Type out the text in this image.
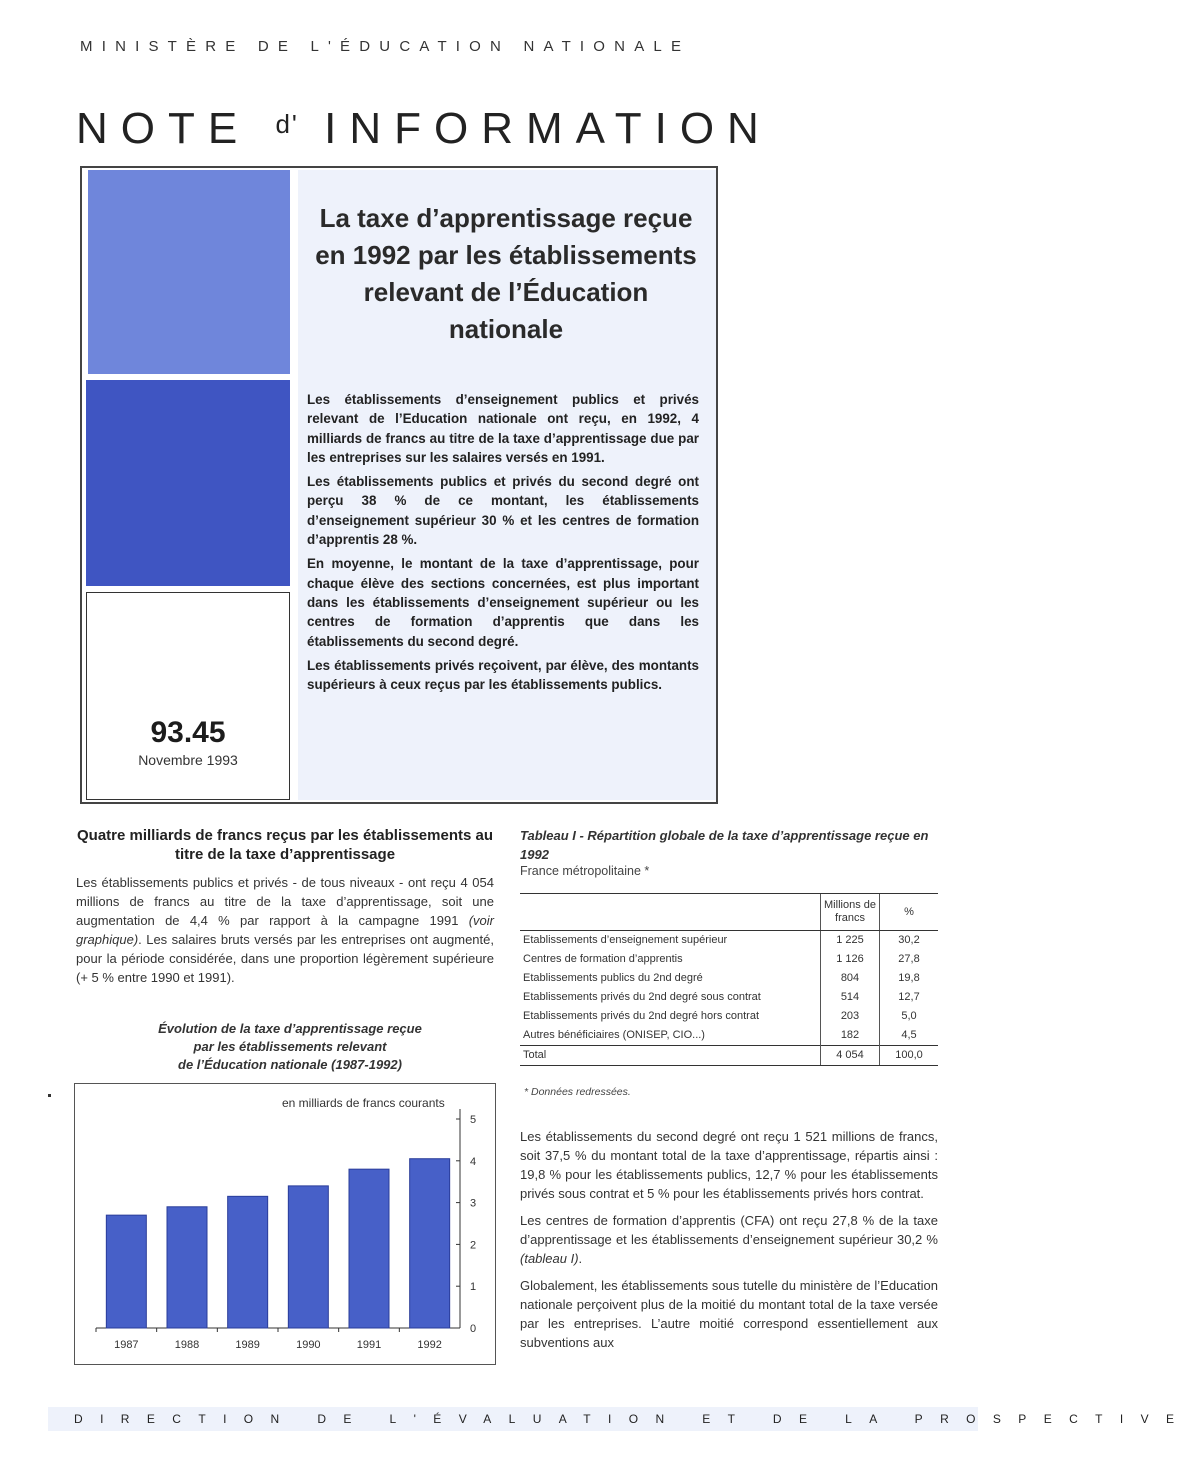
MINISTÈRE DE L'ÉDUCATION NATIONALE
NOTE $^{d'}$ INFORMATION
93.45
Novembre 1993
La taxe d’apprentissage reçue en 1992 par les établissements relevant de l’Éducation nationale

Les établissements d’enseignement publics et privés relevant de l’Education nationale ont reçu, en 1992, 4 milliards de francs au titre de la taxe d’apprentissage due par les entreprises sur les salaires versés en 1991.

Les établissements publics et privés du second degré ont perçu 38 % de ce montant, les établissements d’enseignement supérieur 30 % et les centres de formation d’apprentis 28 %.

En moyenne, le montant de la taxe d’apprentissage, pour chaque élève des sections concernées, est plus important dans les établissements d’enseignement supérieur ou les centres de formation d’apprentis que dans les établissements du second degré.

Les établissements privés reçoivent, par élève, des montants supérieurs à ceux reçus par les établissements publics.

Quatre milliards de francs reçus par les établissements au titre de la taxe d’apprentissage

Les établissements publics et privés - de tous niveaux - ont reçu 4 054 millions de francs au titre de la taxe d’apprentissage, soit une augmentation de 4,4 % par rapport à la campagne 1991 (voir graphique). Les salaires bruts versés par les entreprises ont augmenté, pour la période considérée, dans une proportion légèrement supérieure (+ 5 % entre 1990 et 1991).

Évolution de la taxe d’apprentissage reçue
par les établissements relevant
de l’Éducation nationale (1987-1992)
en milliards de francs courants
0
1
2
3
4
5
1987	1988	1989	1990	1991	1992
Tableau I - Répartition globale de la taxe d’apprentissage reçue en 1992
France métropolitaine *
	Millions de francs	%
Etablissements d’enseignement supérieur	1 225	30,2
Centres de formation d’apprentis	1 126	27,8
Etablissements publics du 2nd degré	804	19,8
Etablissements privés du 2nd degré sous contrat	514	12,7
Etablissements privés du 2nd degré hors contrat	203	5,0
Autres bénéficiaires (ONISEP, CIO...)	182	4,5
Total	4 054	100,0
* Données redressées.

Les établissements du second degré ont reçu 1 521 millions de francs, soit 37,5 % du montant total de la taxe d’apprentissage, répartis ainsi : 19,8 % pour les établissements publics, 12,7 % pour les établissements privés sous contrat et 5 % pour les établissements privés hors contrat.

Les centres de formation d’apprentis (CFA) ont reçu 27,8 % de la taxe d’apprentissage et les établissements d’enseignement supérieur 30,2 % (tableau I).

Globalement, les établissements sous tutelle du ministère de l’Education nationale perçoivent plus de la moitié du montant total de la taxe versée par les entreprises. L’autre moitié correspond essentiellement aux subventions aux

DIRECTION DE L'ÉVALUATION ET DE LA PROSPECTIVE
